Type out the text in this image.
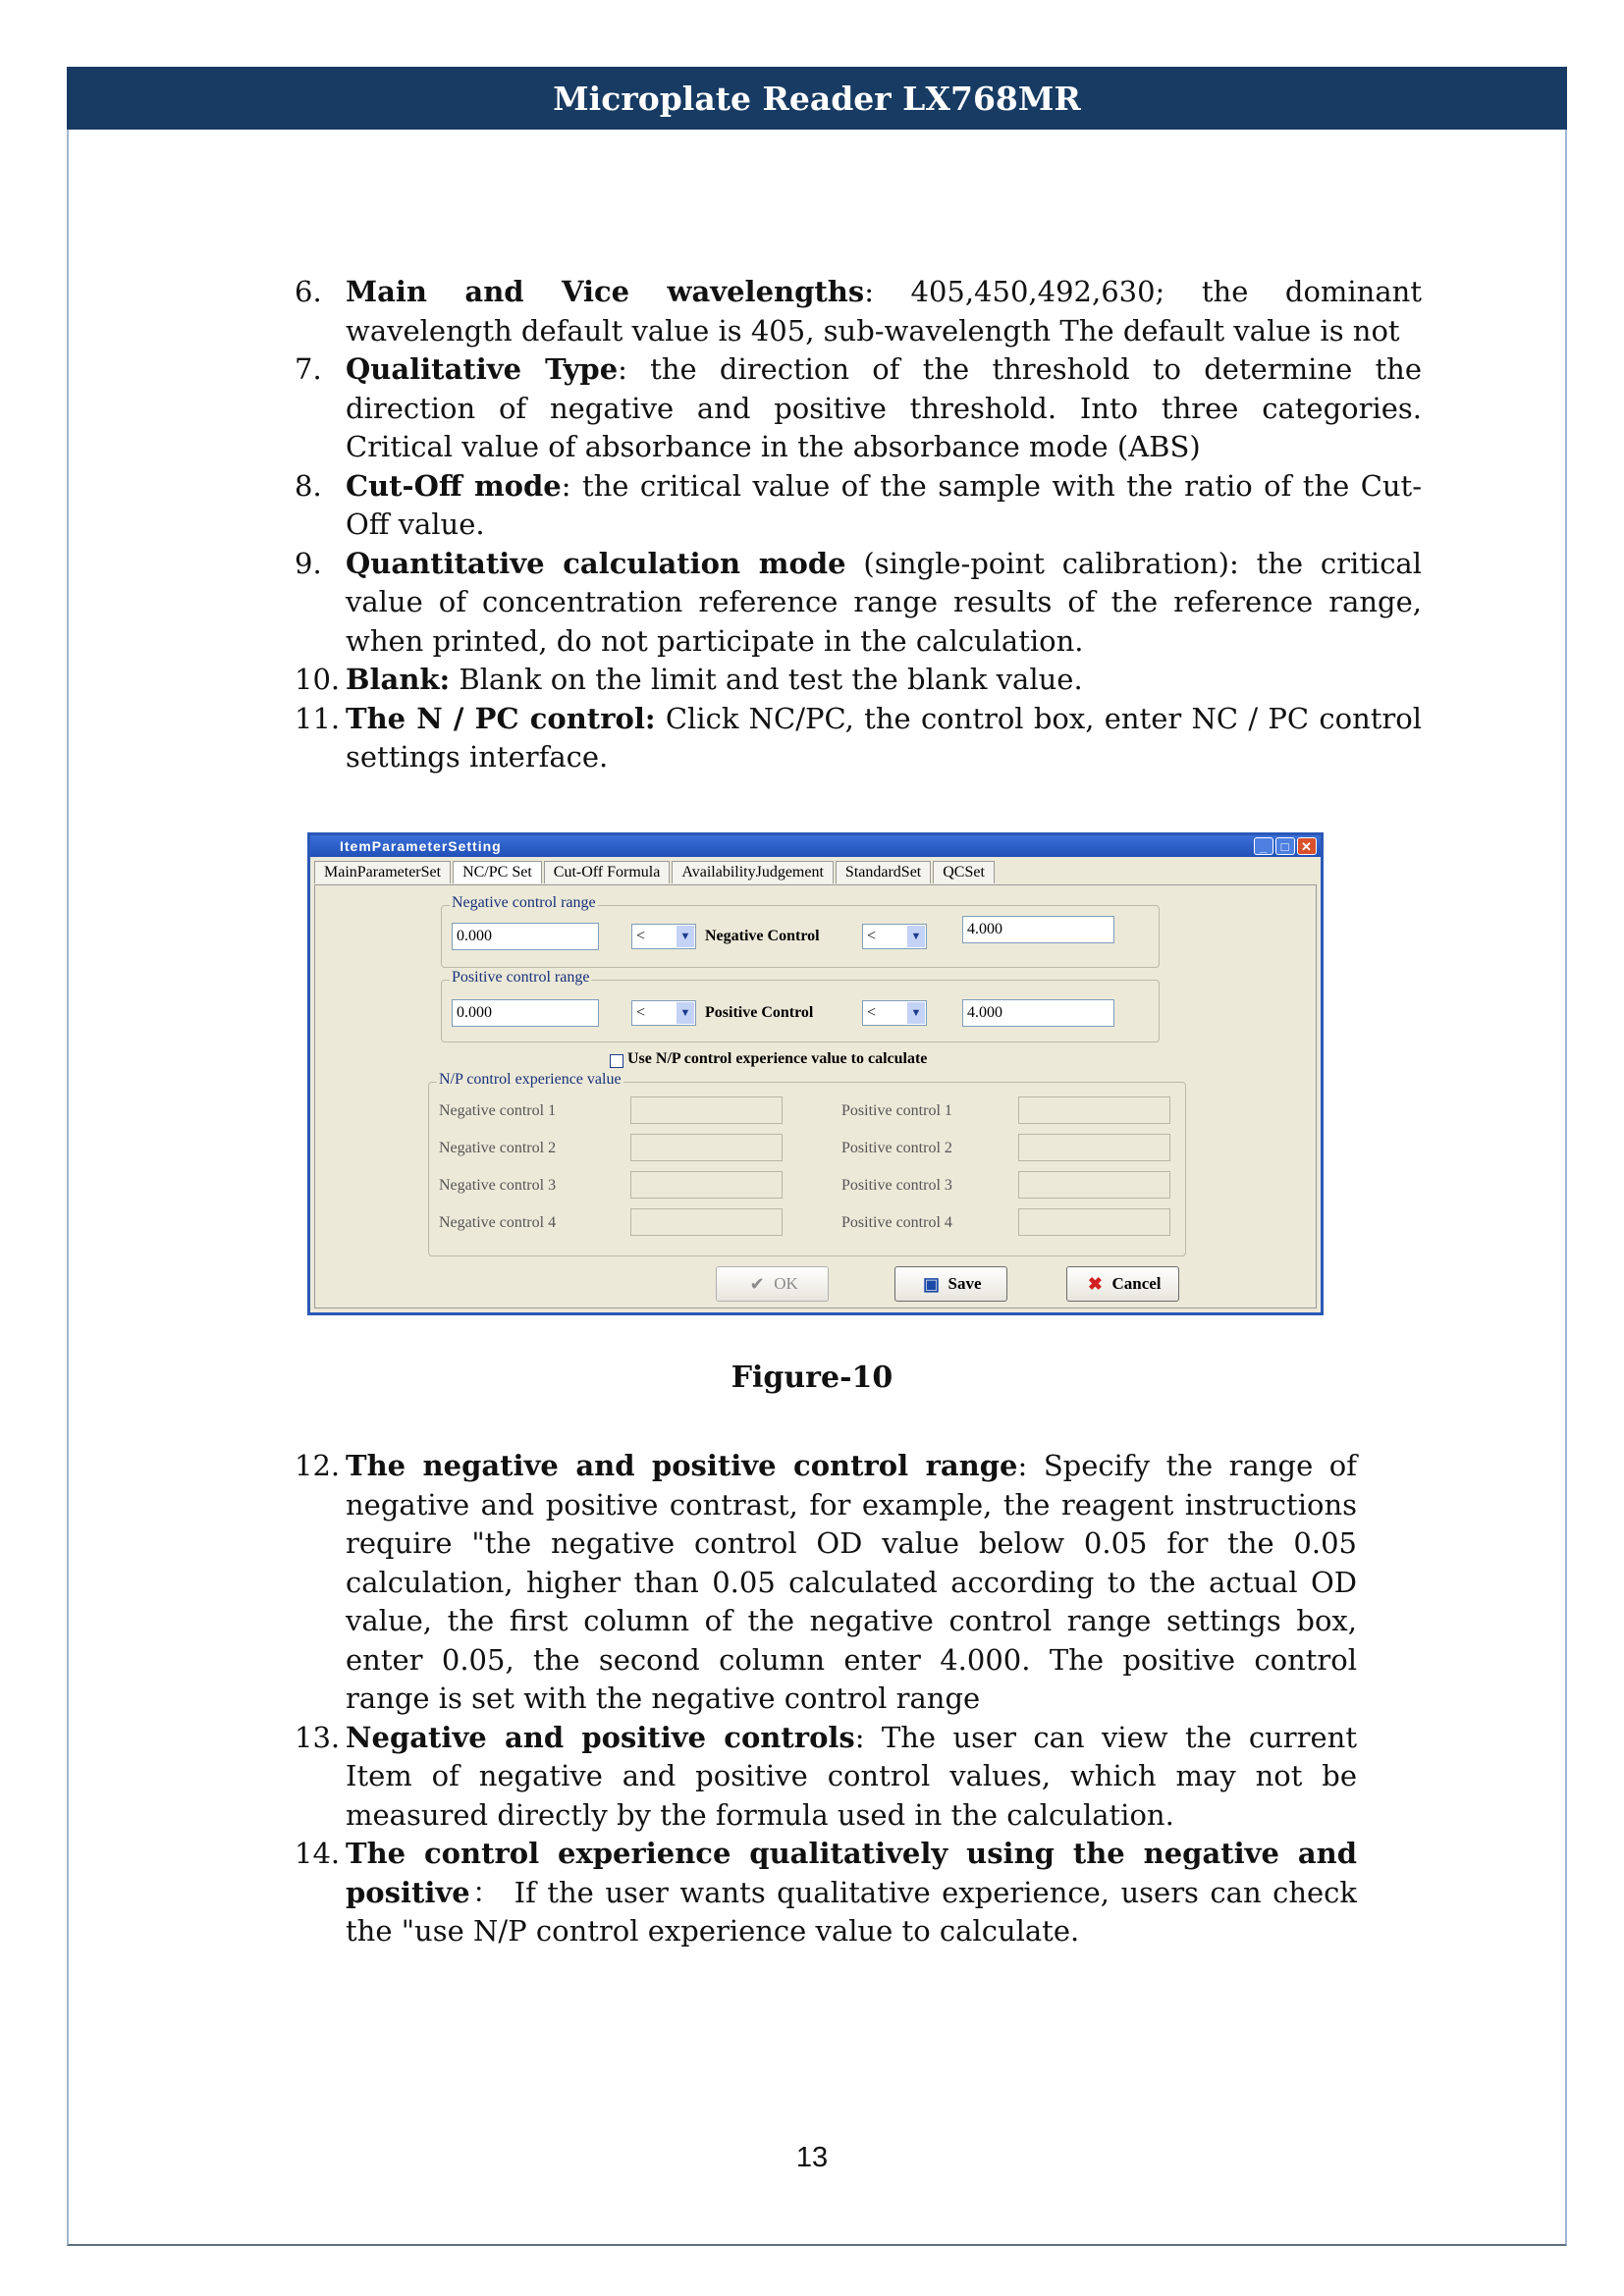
Microplate Reader LX768MR
6. Main and Vice wavelengths: 405,450,492,630; the dominant wavelength default value is 405, sub-wavelength The default value is not
7. Qualitative Type: the direction of the threshold to determine the direction of negative and positive threshold. Into three categories. Critical value of absorbance in the absorbance mode (ABS)
8. Cut-Off mode: the critical value of the sample with the ratio of the Cut-Off value.
9. Quantitative calculation mode (single-point calibration): the critical value of concentration reference range results of the reference range, when printed, do not participate in the calculation.
10. Blank: Blank on the limit and test the blank value.
11. The N / PC control: Click NC/PC, the control box, enter NC / PC control settings interface.
ItemParameterSetting	_	□ ✕
MainParameterSet	NC/PC Set	Cut-Off Formula	AvailabilityJudgement	StandardSet	QCSet
Negative control range
0.000	<	▼ Negative Control	<	▼	4.000
Positive control range
0.000	<	▼ Positive Control	<	▼	4.000
Use N/P control experience value to calculate
N/P control experience value
Negative control 1	Positive control 1
Negative control 2	Positive control 2
Negative control 3	Positive control 3
Negative control 4	Positive control 4
✔ OK	▣ Save	✖ Cancel
Figure-10
12. The negative and positive control range: Specify the range of negative and positive contrast, for example, the reagent instructions require "the negative control OD value below 0.05 for the 0.05 calculation, higher than 0.05 calculated according to the actual OD value, the first column of the negative control range settings box, enter 0.05, the second column enter 4.000. The positive control range is set with the negative control range
13. Negative and positive controls: The user can view the current Item of negative and positive control values, which may not be measured directly by the formula used in the calculation.
14. The control experience qualitatively using the negative and positive： If the user wants qualitative experience, users can check the "use N/P control experience value to calculate.
13
